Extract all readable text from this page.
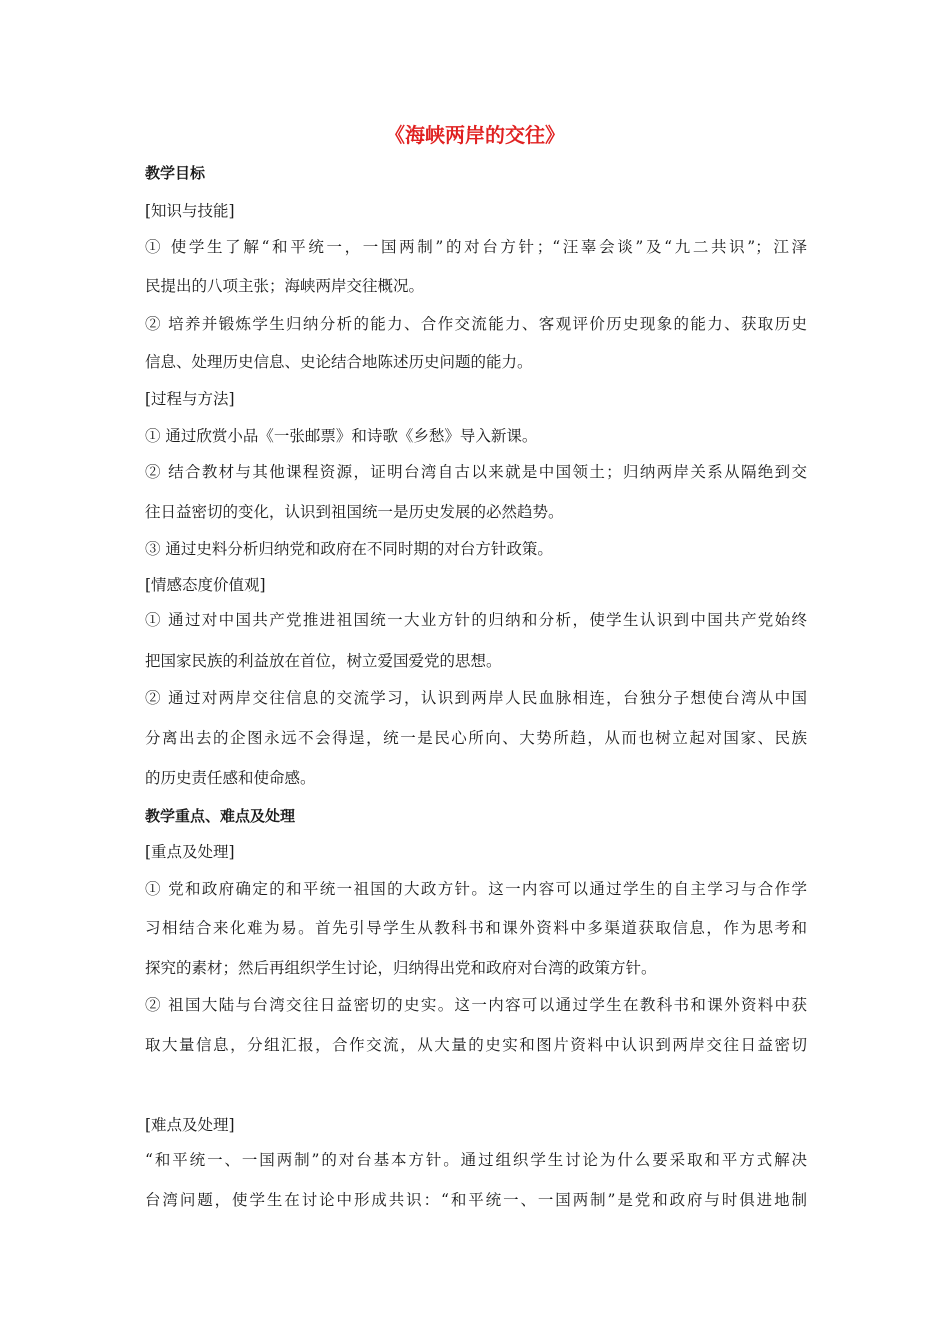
《海峡两岸的交往》
教学目标
[知识与技能]
① 使学生了解“和平统一，一国两制”的对台方针；“汪辜会谈”及“九二共识”；江泽
民提出的八项主张；海峡两岸交往概况。
② 培养并锻炼学生归纳分析的能力、合作交流能力、客观评价历史现象的能力、获取历史
信息、处理历史信息、史论结合地陈述历史问题的能力。
[过程与方法]
① 通过欣赏小品《一张邮票》和诗歌《乡愁》导入新课。
② 结合教材与其他课程资源，证明台湾自古以来就是中国领土；归纳两岸关系从隔绝到交
往日益密切的变化，认识到祖国统一是历史发展的必然趋势。
③ 通过史料分析归纳党和政府在不同时期的对台方针政策。
[情感态度价值观]
① 通过对中国共产党推进祖国统一大业方针的归纳和分析，使学生认识到中国共产党始终
把国家民族的利益放在首位，树立爱国爱党的思想。
② 通过对两岸交往信息的交流学习，认识到两岸人民血脉相连，台独分子想使台湾从中国
分离出去的企图永远不会得逞，统一是民心所向、大势所趋，从而也树立起对国家、民族
的历史责任感和使命感。
教学重点、难点及处理
[重点及处理]
① 党和政府确定的和平统一祖国的大政方针。这一内容可以通过学生的自主学习与合作学
习相结合来化难为易。首先引导学生从教科书和课外资料中多渠道获取信息，作为思考和
探究的素材；然后再组织学生讨论，归纳得出党和政府对台湾的政策方针。
② 祖国大陆与台湾交往日益密切的史实。这一内容可以通过学生在教科书和课外资料中获
取大量信息，分组汇报，合作交流，从大量的史实和图片资料中认识到两岸交往日益密切
[难点及处理]
“和平统一、一国两制”的对台基本方针。通过组织学生讨论为什么要采取和平方式解决
台湾问题，使学生在讨论中形成共识：“和平统一、一国两制”是党和政府与时俱进地制
